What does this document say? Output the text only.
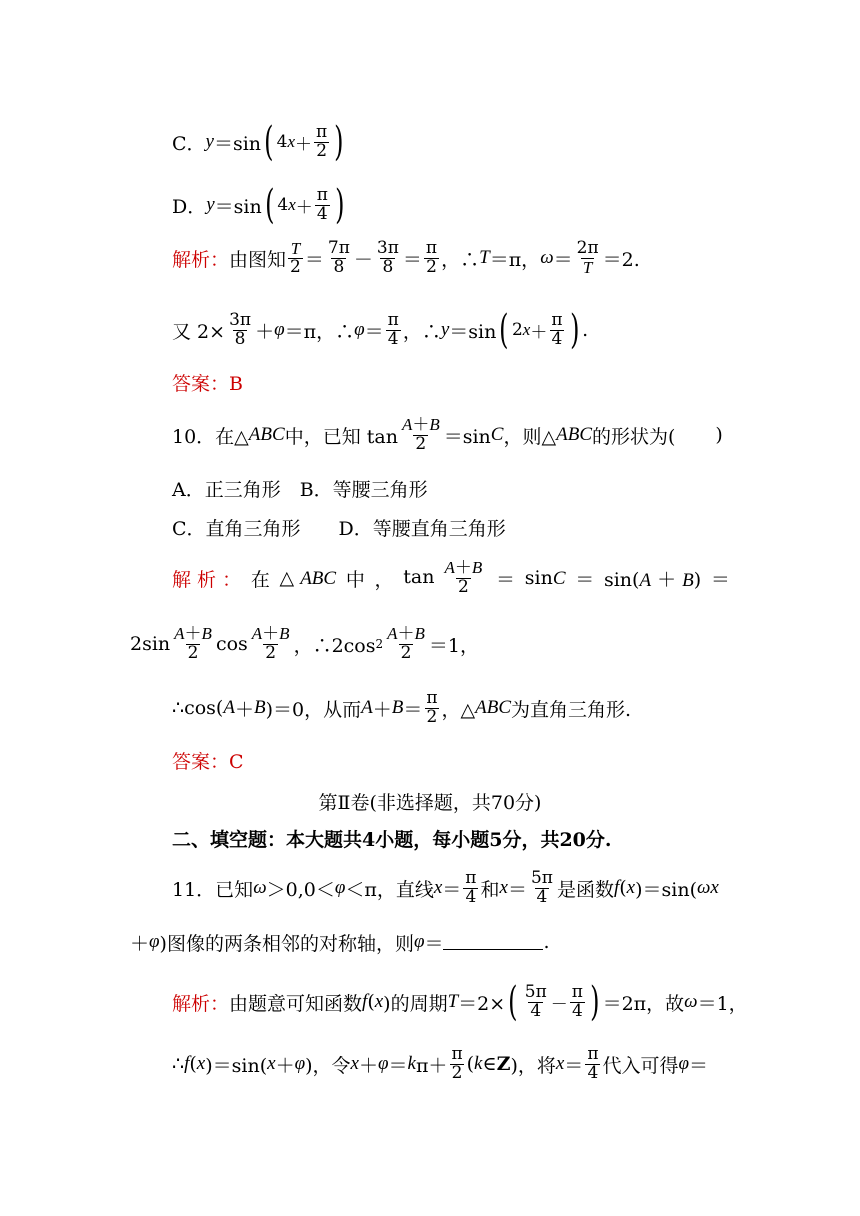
C． y ＝sin ( 4 $x + \frac{\pi}{2}$ )
D． y ＝sin ( 4 $x + \frac{\pi}{4}$ )
解析： 由图知 $\frac{T}{2} = \frac{7\pi}{8} - \frac{3\pi}{8} = \frac{\pi}{2}$ ，∴ T ＝π， $\omega = \frac{2\pi}{T} =2$.
又 $2\times \frac{3\pi}{8} + \varphi =\pi$，∴ $\varphi = \frac{\pi}{4}$ ，∴ y ＝sin ( 2 $x + \frac{\pi}{4}$ ) .
答案：B
10．在△ ABC 中，已知 $\tan \frac{A+B}{2} =\sin$ C ，则△ ABC 的形状为( )
A．正三角形　B．等腰三角形
C．直角三角形　　D．等腰直角三角形
解 析 ： 在 △ ABC 中 ， $\tan \frac{A+B}{2} = \sin C = \sin(A + B)$ ＝
$2\sin \frac{A+B}{2}$ $\cos \frac{A+B}{2}$ ，∴2cos $2 \frac{A+B}{2} =1$，
∴cos( A ＋ B )＝0，从而 $A + B = \frac{\pi}{2}$ ，△ ABC 为直角三角形.
答案：C
第Ⅱ卷(非选择题，共70分)
二、填空题：本大题共4小题，每小题5分，共20分.
11．已知 ω ＞0,0＜ φ ＜π，直线 $x = \frac{\pi}{4}$ 和 $x = \frac{5\pi}{4}$ 是函数 f ( x )＝sin( ωx
＋ φ )图像的两条相邻的对称轴，则 φ ＝	.
解析： 由题意可知函数 f ( x )的周期 T ＝2× ( $\frac{5\pi}{4} - \frac{\pi}{4}$ ) ＝2π，故 ω ＝1，
∴ f ( x )＝sin( x ＋ φ )，令 x ＋ φ ＝ k $\pi+ \frac{\pi}{2}$ ( k ∈ Z )，将 $x = \frac{\pi}{4}$ 代入可得 φ ＝
